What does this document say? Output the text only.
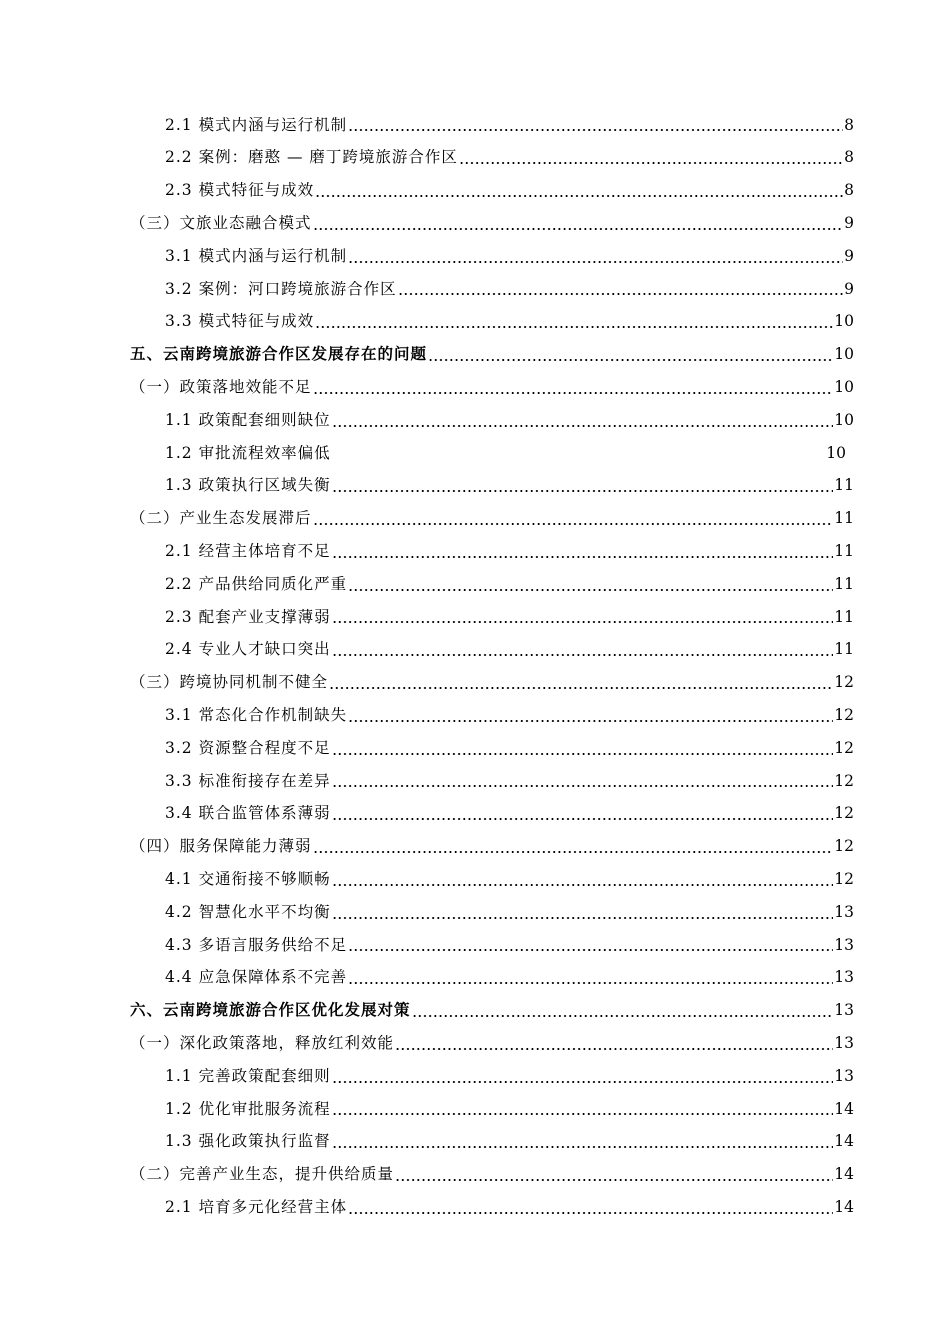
2.1 模式内涵与运行机制	8
2.2 案例：磨憨 — 磨丁跨境旅游合作区	8
2.3 模式特征与成效	8
（三）文旅业态融合模式	9
3.1 模式内涵与运行机制	9
3.2 案例：河口跨境旅游合作区	9
3.3 模式特征与成效	10
五、云南跨境旅游合作区发展存在的问题	10
（一）政策落地效能不足	10
1.1 政策配套细则缺位	10
1.2 审批流程效率偏低	10
1.3 政策执行区域失衡	11
（二）产业生态发展滞后	11
2.1 经营主体培育不足	11
2.2 产品供给同质化严重	11
2.3 配套产业支撑薄弱	11
2.4 专业人才缺口突出	11
（三）跨境协同机制不健全	12
3.1 常态化合作机制缺失	12
3.2 资源整合程度不足	12
3.3 标准衔接存在差异	12
3.4 联合监管体系薄弱	12
（四）服务保障能力薄弱	12
4.1 交通衔接不够顺畅	12
4.2 智慧化水平不均衡	13
4.3 多语言服务供给不足	13
4.4 应急保障体系不完善	13
六、云南跨境旅游合作区优化发展对策	13
（一）深化政策落地，释放红利效能	13
1.1 完善政策配套细则	13
1.2 优化审批服务流程	14
1.3 强化政策执行监督	14
（二）完善产业生态，提升供给质量	14
2.1 培育多元化经营主体	14
